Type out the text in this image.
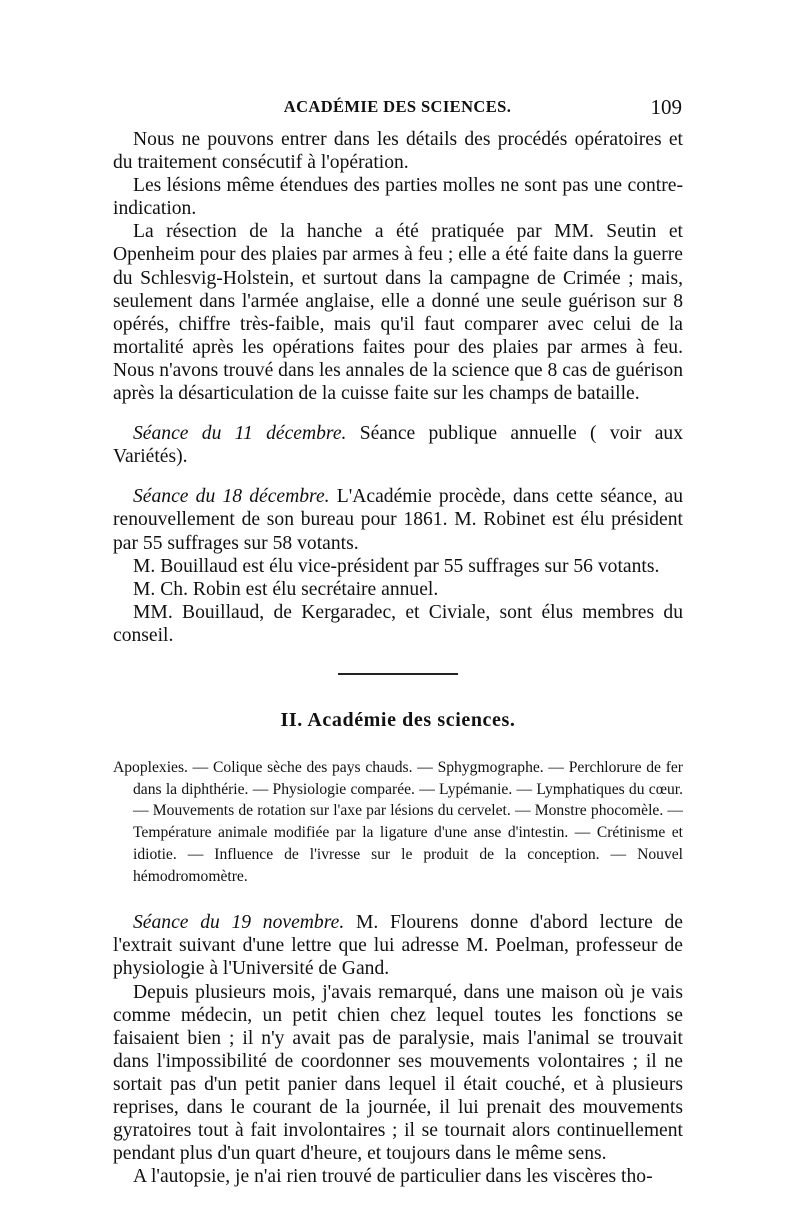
ACADÉMIE DES SCIENCES.	109

Nous ne pouvons entrer dans les détails des procédés opératoires et du traitement consécutif à l'opération.

Les lésions même étendues des parties molles ne sont pas une contre-indication.

La résection de la hanche a été pratiquée par MM. Seutin et Openheim pour des plaies par armes à feu ; elle a été faite dans la guerre du Schlesvig-Holstein, et surtout dans la campagne de Crimée ; mais, seulement dans l'armée anglaise, elle a donné une seule guérison sur 8 opérés, chiffre très-faible, mais qu'il faut comparer avec celui de la mortalité après les opérations faites pour des plaies par armes à feu. Nous n'avons trouvé dans les annales de la science que 8 cas de guérison après la désarticulation de la cuisse faite sur les champs de bataille.

Séance du 11 décembre. Séance publique annuelle ( voir aux Variétés).

Séance du 18 décembre. L'Académie procède, dans cette séance, au renouvellement de son bureau pour 1861. M. Robinet est élu président par 55 suffrages sur 58 votants.

M. Bouillaud est élu vice-président par 55 suffrages sur 56 votants.

M. Ch. Robin est élu secrétaire annuel.

MM. Bouillaud, de Kergaradec, et Civiale, sont élus membres du conseil.

II. Académie des sciences.
Apoplexies. — Colique sèche des pays chauds. — Sphygmographe. — Perchlorure de fer dans la diphthérie. — Physiologie comparée. — Lypémanie. — Lymphatiques du cœur. — Mouvements de rotation sur l'axe par lésions du cervelet. — Monstre phocomèle. — Température animale modifiée par la ligature d'une anse d'intestin. — Crétinisme et idiotie. — Influence de l'ivresse sur le produit de la conception. — Nouvel hémodromomètre.

Séance du 19 novembre. M. Flourens donne d'abord lecture de l'extrait suivant d'une lettre que lui adresse M. Poelman, professeur de physiologie à l'Université de Gand.

Depuis plusieurs mois, j'avais remarqué, dans une maison où je vais comme médecin, un petit chien chez lequel toutes les fonctions se faisaient bien ; il n'y avait pas de paralysie, mais l'animal se trouvait dans l'impossibilité de coordonner ses mouvements volontaires ; il ne sortait pas d'un petit panier dans lequel il était couché, et à plusieurs reprises, dans le courant de la journée, il lui prenait des mouvements gyratoires tout à fait involontaires ; il se tournait alors continuellement pendant plus d'un quart d'heure, et toujours dans le même sens.

A l'autopsie, je n'ai rien trouvé de particulier dans les viscères tho-
